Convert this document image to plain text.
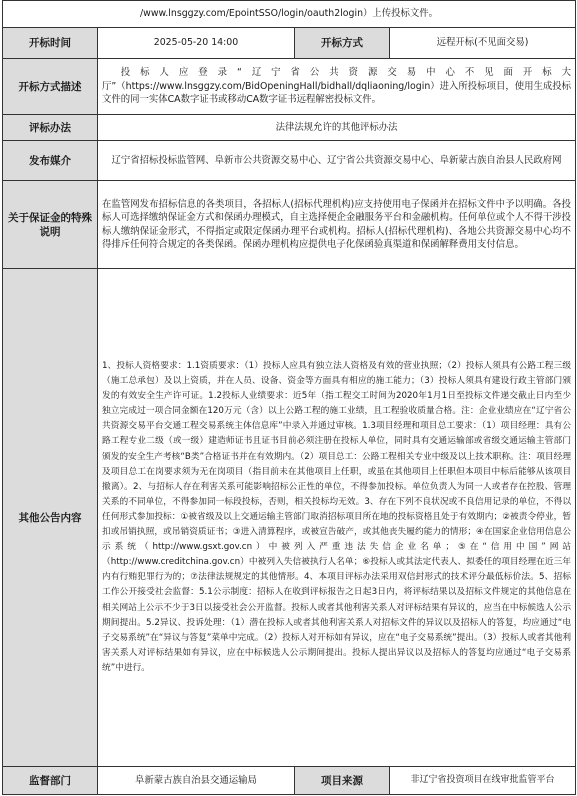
/www.lnsggzy.com/EpointSSO/login/oauth2login）上传投标文件。			
开标时间	2025-05-20 14:00	开标方式	远程开标(不见面交易)
开标方式描述	投标人应登录“辽宁省公共资源交易中心不见面开标大厅”（https://www.lnsggzy.com/BidOpeningHall/bidhall/dqliaoning/login）进入所投标项目，使用生成投标文件的同一实体CA数字证书或移动CA数字证书远程解密投标文件。		
评标办法	法律法规允许的其他评标办法		
发布媒介	辽宁省招标投标监管网、阜新市公共资源交易中心、辽宁省公共资源交易中心、阜新蒙古族自治县人民政府网		
关于保证金的特殊说明	在监管网发布招标信息的各类项目，各招标人(招标代理机构)应支持使用电子保函并在招标文件中予以明确。各投标人可选择缴纳保证金方式和保函办理模式，自主选择便企金融服务平台和金融机构。任何单位或个人不得干涉投标人缴纳保证金形式，不得指定或限定保函办理平台或机构。招标人(招标代理机构)、各地公共资源交易中心均不得排斥任何符合规定的各类保函。保函办理机构应提供电子化保函验真渠道和保函解释费用支付信息。		
其他公告内容	1、投标人资格要求：1.1资质要求：（1）投标人应具有独立法人资格及有效的营业执照；（2）投标人须具有公路工程三级（施工总承包）及以上资质，并在人员、设备、资金等方面具有相应的施工能力；（3）投标人须具有建设行政主管部门颁发的有效安全生产许可证。1.2投标人业绩要求：近5年（指工程交工时间为2020年1月1日至投标文件递交截止日内至少独立完成过一项合同金额在120万元（含）以上公路工程的施工业绩，且工程验收质量合格。注：企业业绩应在“辽宁省公共资源交易平台交通工程交易系统主体信息库”中录入并通过审核。1.3项目经理和项目总工要求：（1）项目经理：具有公路工程专业二级（或一级）建造师证书且证书目前必须注册在投标人单位，同时具有交通运输部或省级交通运输主管部门颁发的安全生产考核“B类”合格证书并在有效期内。（2）项目总工：公路工程相关专业中级及以上技术职称。注：项目经理及项目总工在岗要求须为无在岗项目（指目前未在其他项目上任职，或虽在其他项目上任职但本项目中标后能够从该项目撤离）。2、与招标人存在利害关系可能影响招标公正性的单位，不得参加投标。单位负责人为同一人或者存在控股、管理关系的不同单位，不得参加同一标段投标，否则，相关投标均无效。3、存在下列不良状况或不良信用记录的单位，不得以任何形式参加投标：①被省级及以上交通运输主管部门取消招标项目所在地的投标资格且处于有效期内；②被责令停业，暂扣或吊销执照，或吊销资质证书；③进入清算程序，或被宣告破产，或其他丧失履约能力的情形；④在国家企业信用信息公示系统（http://www.gsxt.gov.cn）中被列入严重违法失信企业名单；⑤在“信用中国”网站（http://www.creditchina.gov.cn）中被列入失信被执行人名单；⑥投标人或其法定代表人、拟委任的项目经理在近三年内有行贿犯罪行为的；⑦法律法规规定的其他情形。4、本项目评标办法采用双信封形式的技术评分最低标价法。5、招标工作公开接受社会监督：5.1公示制度：招标人在收到评标报告之日起3日内，将评标结果以及招标文件规定的其他信息在相关网站上公示不少于3日以接受社会公开监督。投标人或者其他利害关系人对评标结果有异议的，应当在中标候选人公示期间提出。5.2异议、投诉处理：（1）潜在投标人或者其他利害关系人对招标文件的异议以及招标人的答复，均应通过“电子交易系统”在“异议与答复”菜单中完成。（2）投标人对开标如有异议，应在“电子交易系统”提出。（3）投标人或者其他利害关系人对评标结果如有异议，应在中标候选人公示期间提出。投标人提出异议以及招标人的答复均应通过“电子交易系统”中进行。		
监督部门	阜新蒙古族自治县交通运输局	项目来源	非辽宁省投资项目在线审批监管平台
